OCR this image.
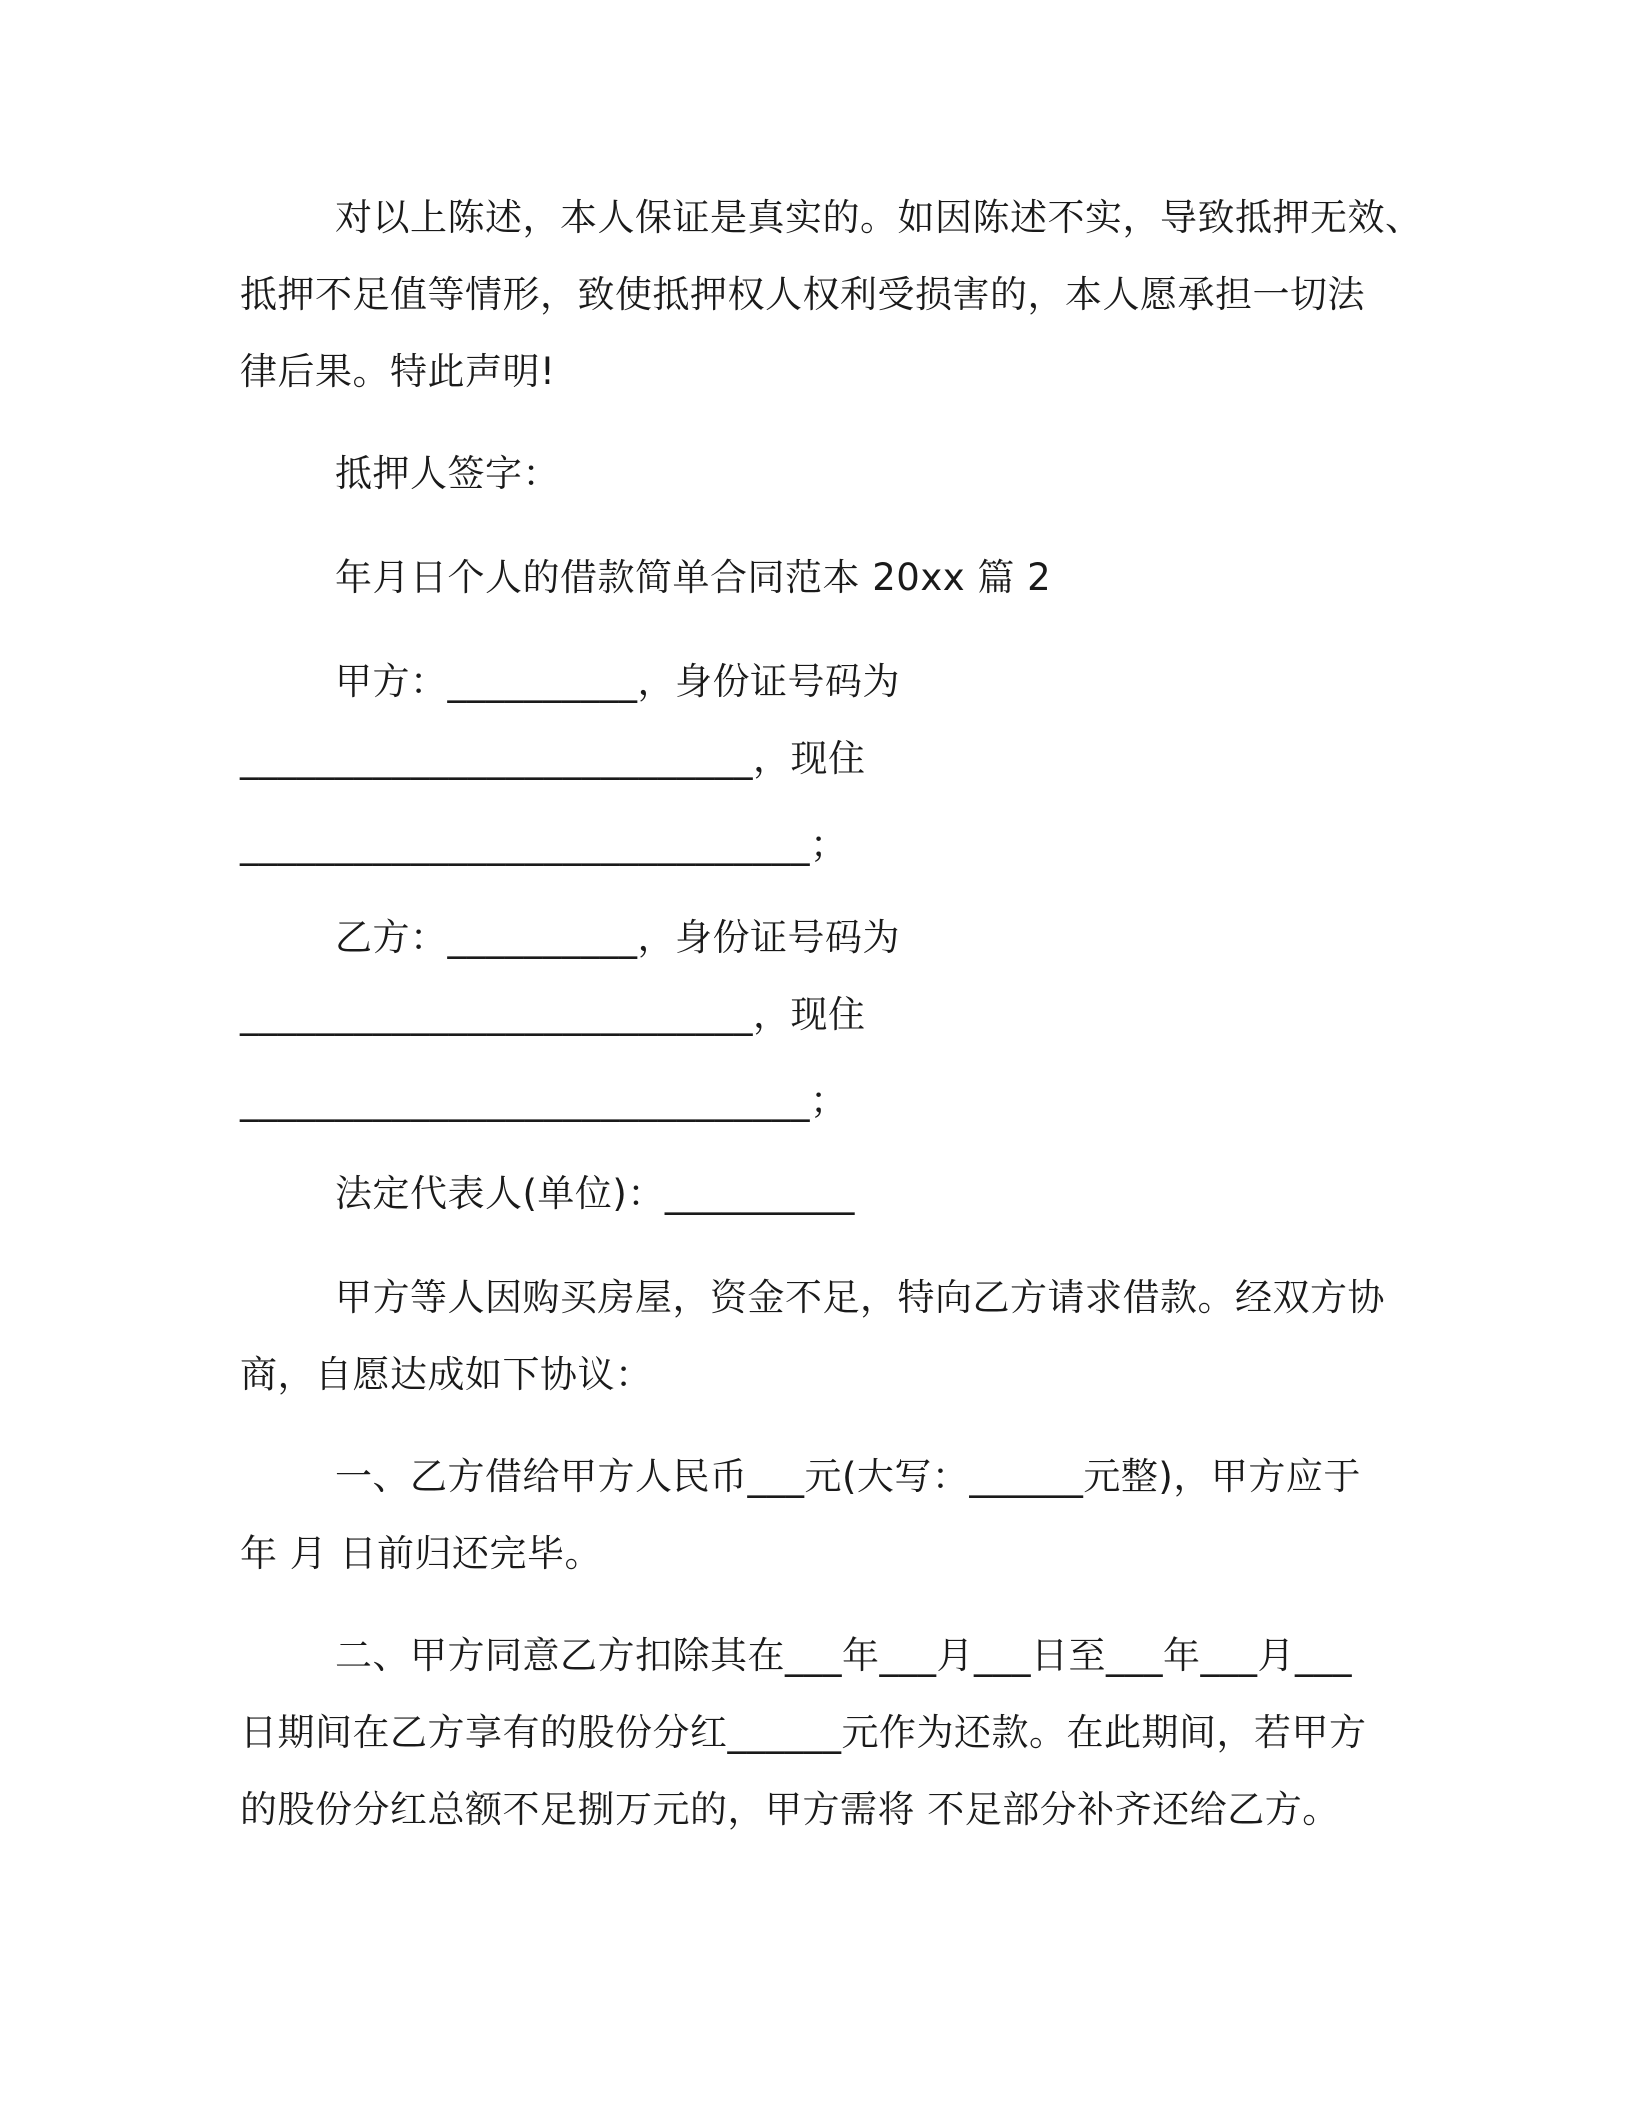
对以上陈述，本人保证是真实的。如因陈述不实，导致抵押无效、
抵押不足值等情形，致使抵押权人权利受损害的，本人愿承担一切法
律后果。特此声明!
抵押人签字：
年月日个人的借款简单合同范本 20xx 篇 2
甲方：__________，身份证号码为
___________________________，现住
______________________________；
乙方：__________，身份证号码为
___________________________，现住
______________________________；
法定代表人(单位)：__________
甲方等人因购买房屋，资金不足，特向乙方请求借款。经双方协
商，自愿达成如下协议：
一、乙方借给甲方人民币___元(大写：______元整)，甲方应于
年 月 日前归还完毕。
二、甲方同意乙方扣除其在___年___月___日至___年___月___
日期间在乙方享有的股份分红______元作为还款。在此期间，若甲方
的股份分红总额不足捌万元的，甲方需将 不足部分补齐还给乙方。
